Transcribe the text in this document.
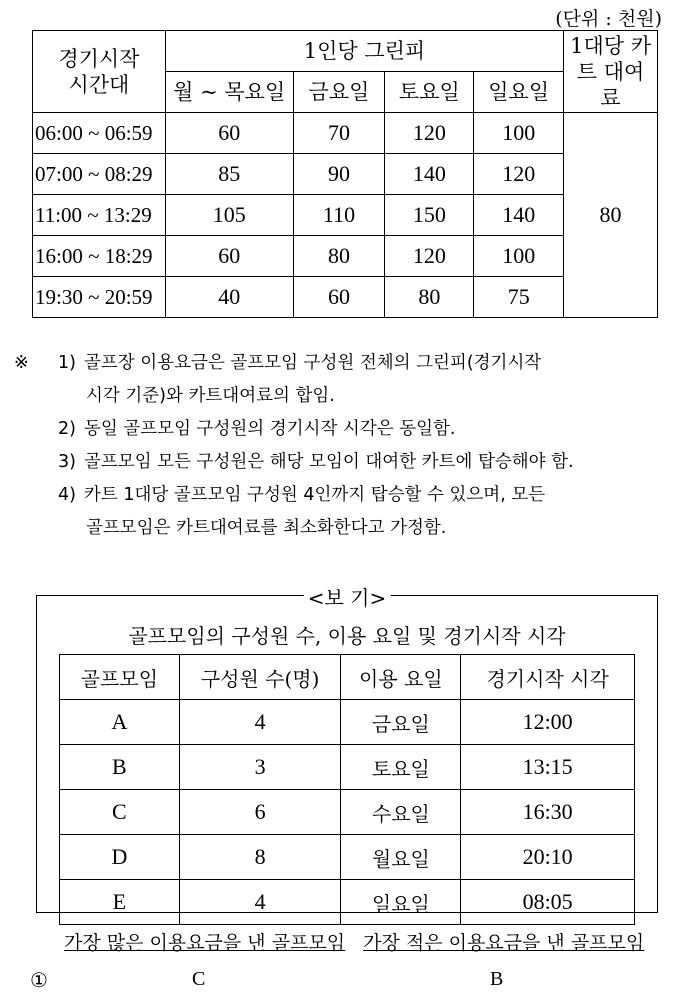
(단위 : 천원)
경기시작 시간대	1인당 그린피				1대당 카트 대여료
	월 ~ 목요일	금요일	토요일	일요일	
06:00 ~ 06:59	60	70	120	100	80
07:00 ~ 08:29	85	90	140	120	
11:00 ~ 13:29	105	110	150	140	
16:00 ~ 18:29	60	80	120	100	
19:30 ~ 20:59	40	60	80	75	
※ 1) 골프장 이용요금은 골프모임 구성원 전체의 그린피(경기시작
시각 기준)와 카트대여료의 합임.
2) 동일 골프모임 구성원의 경기시작 시각은 동일함.
3) 골프모임 모든 구성원은 해당 모임이 대여한 카트에 탑승해야 함.
4) 카트 1대당 골프모임 구성원 4인까지 탑승할 수 있으며, 모든
골프모임은 카트대여료를 최소화한다고 가정함.
<보 기>
골프모임의 구성원 수, 이용 요일 및 경기시작 시각
골프모임	구성원 수(명)	이용 요일	경기시작 시각
A	4	금요일	12:00
B	3	토요일	13:15
C	6	수요일	16:30
D	8	월요일	20:10
E	4	일요일	08:05
가장 많은 이용요금을 낸 골프모임 가장 적은 이용요금을 낸 골프모임
①	C	B
